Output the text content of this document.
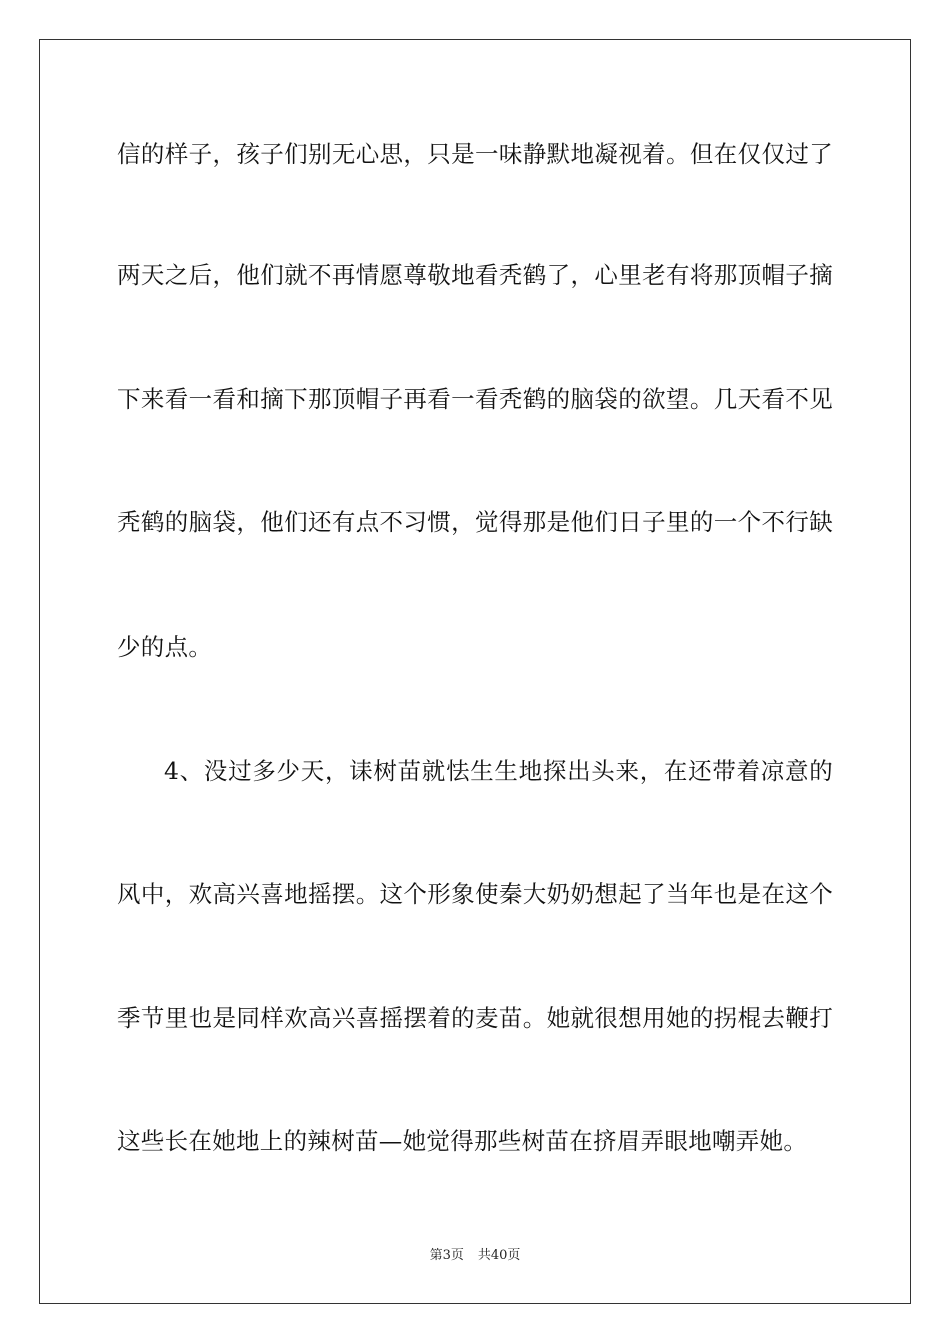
信的样子，孩子们别无心思，只是一味静默地凝视着。但在仅仅过了
两天之后，他们就不再情愿尊敬地看秃鹤了，心里老有将那顶帽子摘
下来看一看和摘下那顶帽子再看一看秃鹤的脑袋的欲望。几天看不见
秃鹤的脑袋，他们还有点不习惯，觉得那是他们日子里的一个不行缺
少的点。
4、没过多少天，诔树苗就怯生生地探出头来，在还带着凉意的
风中，欢高兴喜地摇摆。这个形象使秦大奶奶想起了当年也是在这个
季节里也是同样欢高兴喜摇摆着的麦苗。她就很想用她的拐棍去鞭打
这些长在她地上的辣树苗—她觉得那些树苗在挤眉弄眼地嘲弄她。
第3页 共40页
